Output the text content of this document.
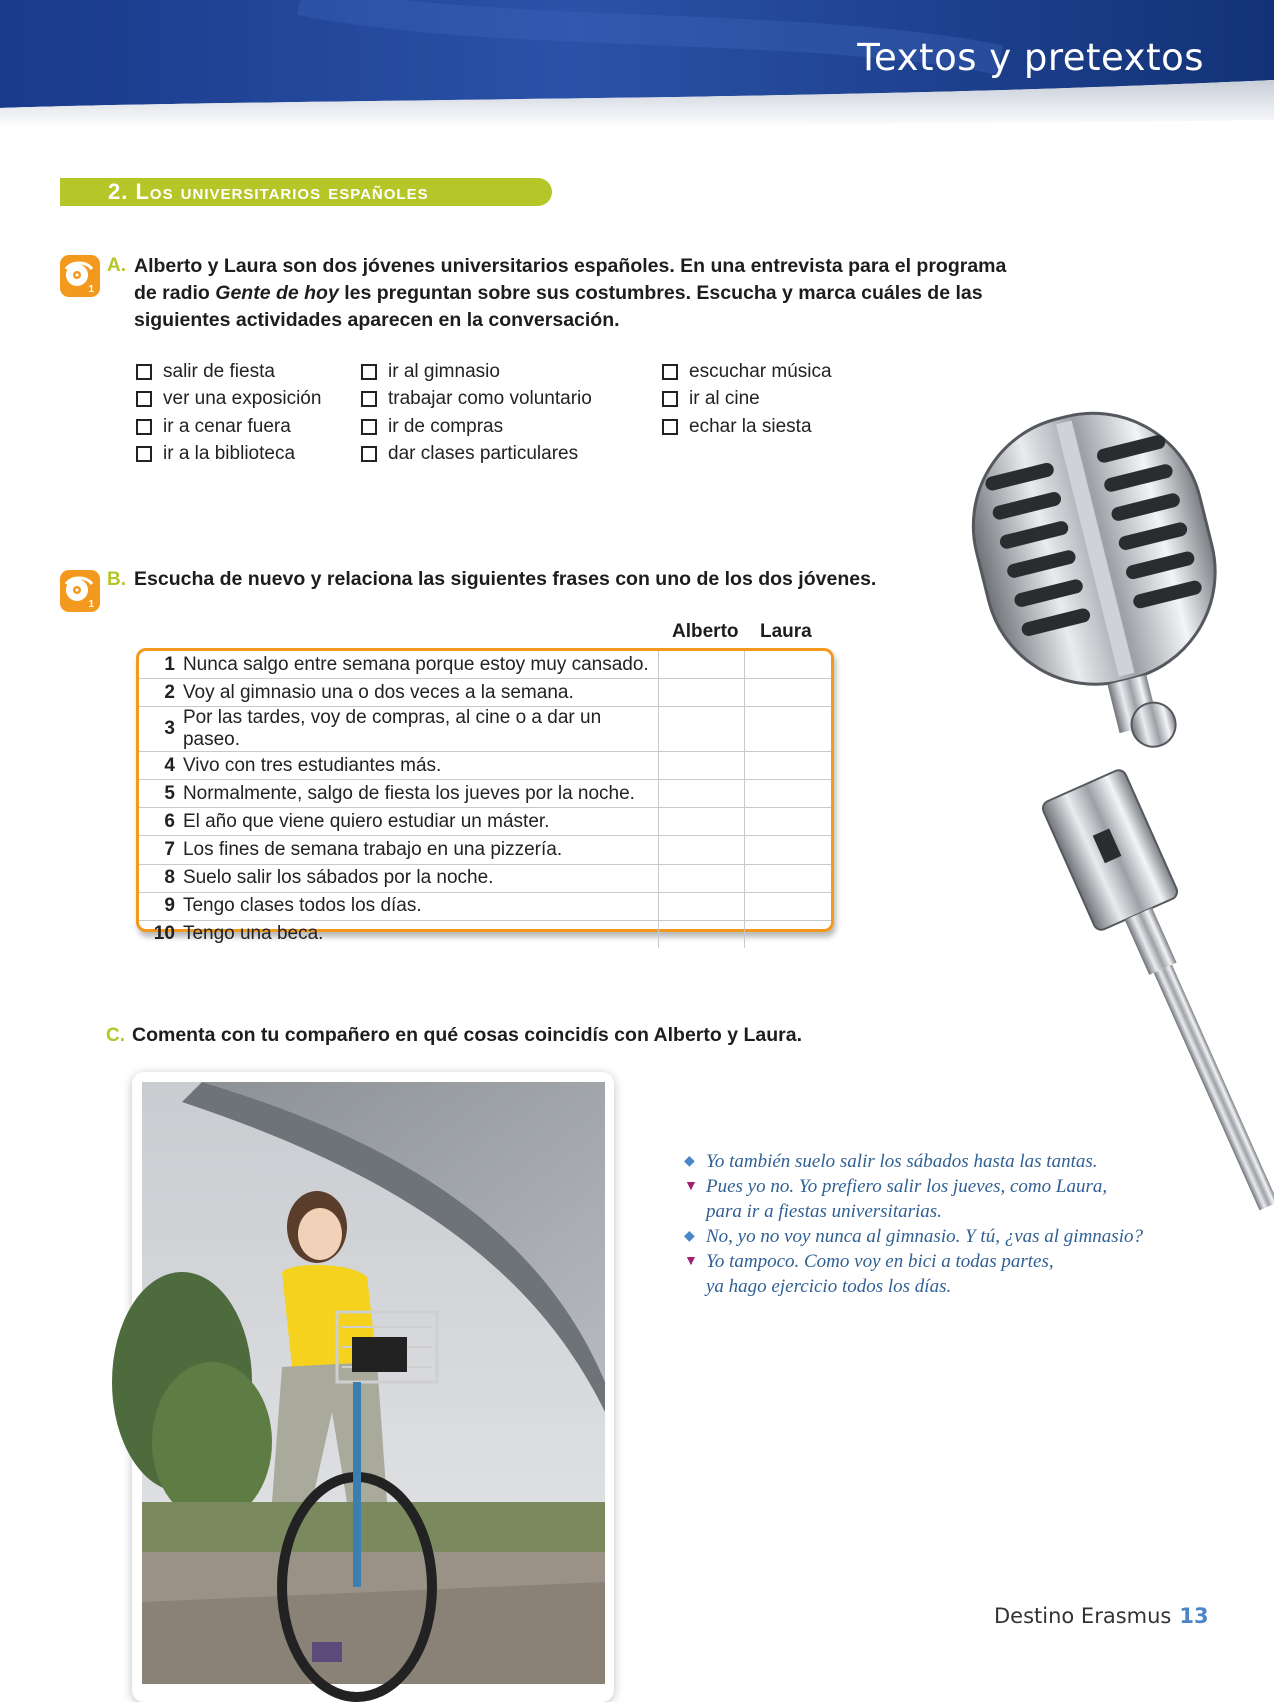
Textos y pretextos
2. Los universitarios españoles
1
A. Alberto y Laura son dos jóvenes universitarios españoles. En una entrevista para el programa
de radio Gente de hoy les preguntan sobre sus costumbres. Escucha y marca cuáles de las
siguientes actividades aparecen en la conversación.
salir de fiesta
ver una exposición
ir a cenar fuera
ir a la biblioteca
ir al gimnasio
trabajar como voluntario
ir de compras
dar clases particulares
escuchar música
ir al cine
echar la siesta
1
B. Escucha de nuevo y relaciona las siguientes frases con uno de los dos jóvenes.
Alberto Laura
1	Nunca salgo entre semana porque estoy muy cansado.		
2	Voy al gimnasio una o dos veces a la semana.		
3	Por las tardes, voy de compras, al cine o a dar un paseo.		
4	Vivo con tres estudiantes más.		
5	Normalmente, salgo de fiesta los jueves por la noche.		
6	El año que viene quiero estudiar un máster.		
7	Los fines de semana trabajo en una pizzería.		
8	Suelo salir los sábados por la noche.		
9	Tengo clases todos los días.		
10	Tengo una beca.		
C. Comenta con tu compañero en qué cosas coincidís con Alberto y Laura.
◆ Yo también suelo salir los sábados hasta las tantas.
▼ Pues yo no. Yo prefiero salir los jueves, como Laura,
para ir a fiestas universitarias.
◆ No, yo no voy nunca al gimnasio. Y tú, ¿vas al gimnasio?
▼ Yo tampoco. Como voy en bici a todas partes,
ya hago ejercicio todos los días.
Destino Erasmus 13
